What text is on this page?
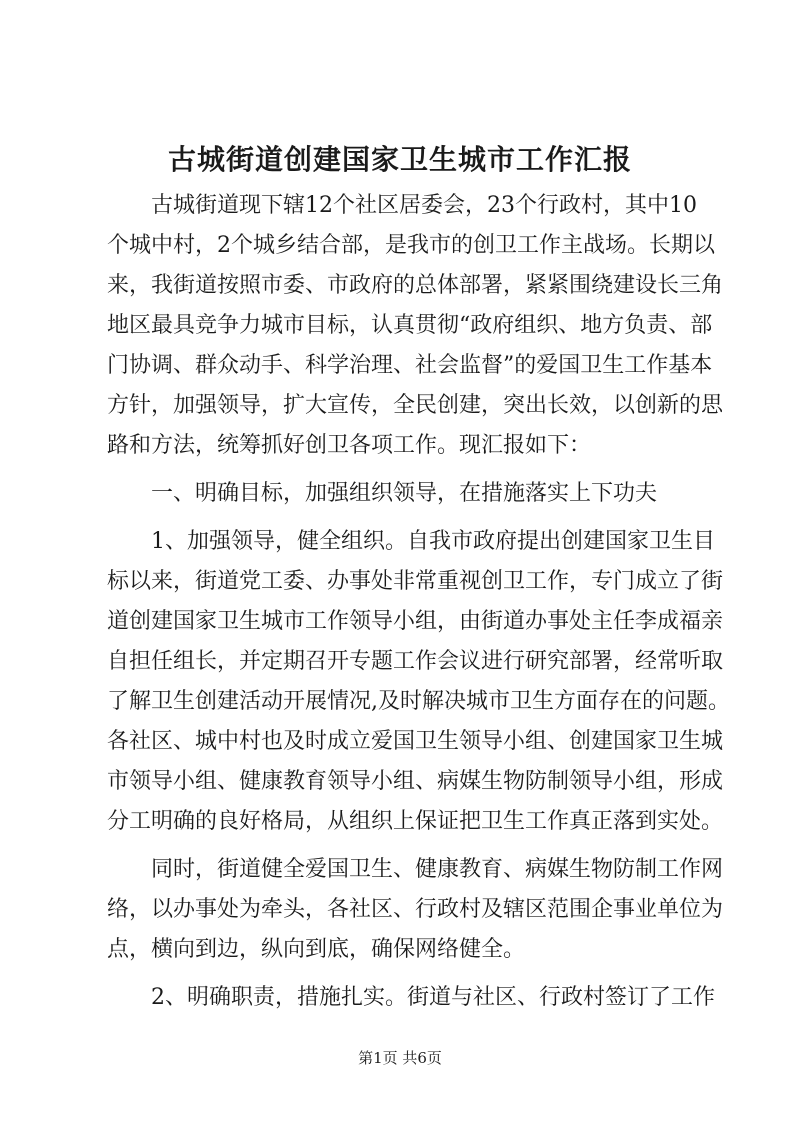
古城街道创建国家卫生城市工作汇报
古城街道现下辖12个社区居委会，23个行政村，其中10
个城中村，2个城乡结合部，是我市的创卫工作主战场。长期以
来，我街道按照市委、市政府的总体部署，紧紧围绕建设长三角
地区最具竞争力城市目标，认真贯彻“政府组织、地方负责、部
门协调、群众动手、科学治理、社会监督”的爱国卫生工作基本
方针，加强领导，扩大宣传，全民创建，突出长效，以创新的思
路和方法，统筹抓好创卫各项工作。现汇报如下：
一、明确目标，加强组织领导，在措施落实上下功夫
1、加强领导，健全组织。自我市政府提出创建国家卫生目
标以来，街道党工委、办事处非常重视创卫工作，专门成立了街
道创建国家卫生城市工作领导小组，由街道办事处主任李成福亲
自担任组长，并定期召开专题工作会议进行研究部署，经常听取
了解卫生创建活动开展情况,及时解决城市卫生方面存在的问题。
各社区、城中村也及时成立爱国卫生领导小组、创建国家卫生城
市领导小组、健康教育领导小组、病媒生物防制领导小组，形成
分工明确的良好格局，从组织上保证把卫生工作真正落到实处。
同时，街道健全爱国卫生、健康教育、病媒生物防制工作网
络，以办事处为牵头，各社区、行政村及辖区范围企事业单位为
点，横向到边，纵向到底，确保网络健全。
2、明确职责，措施扎实。街道与社区、行政村签订了工作
第1页 共6页
